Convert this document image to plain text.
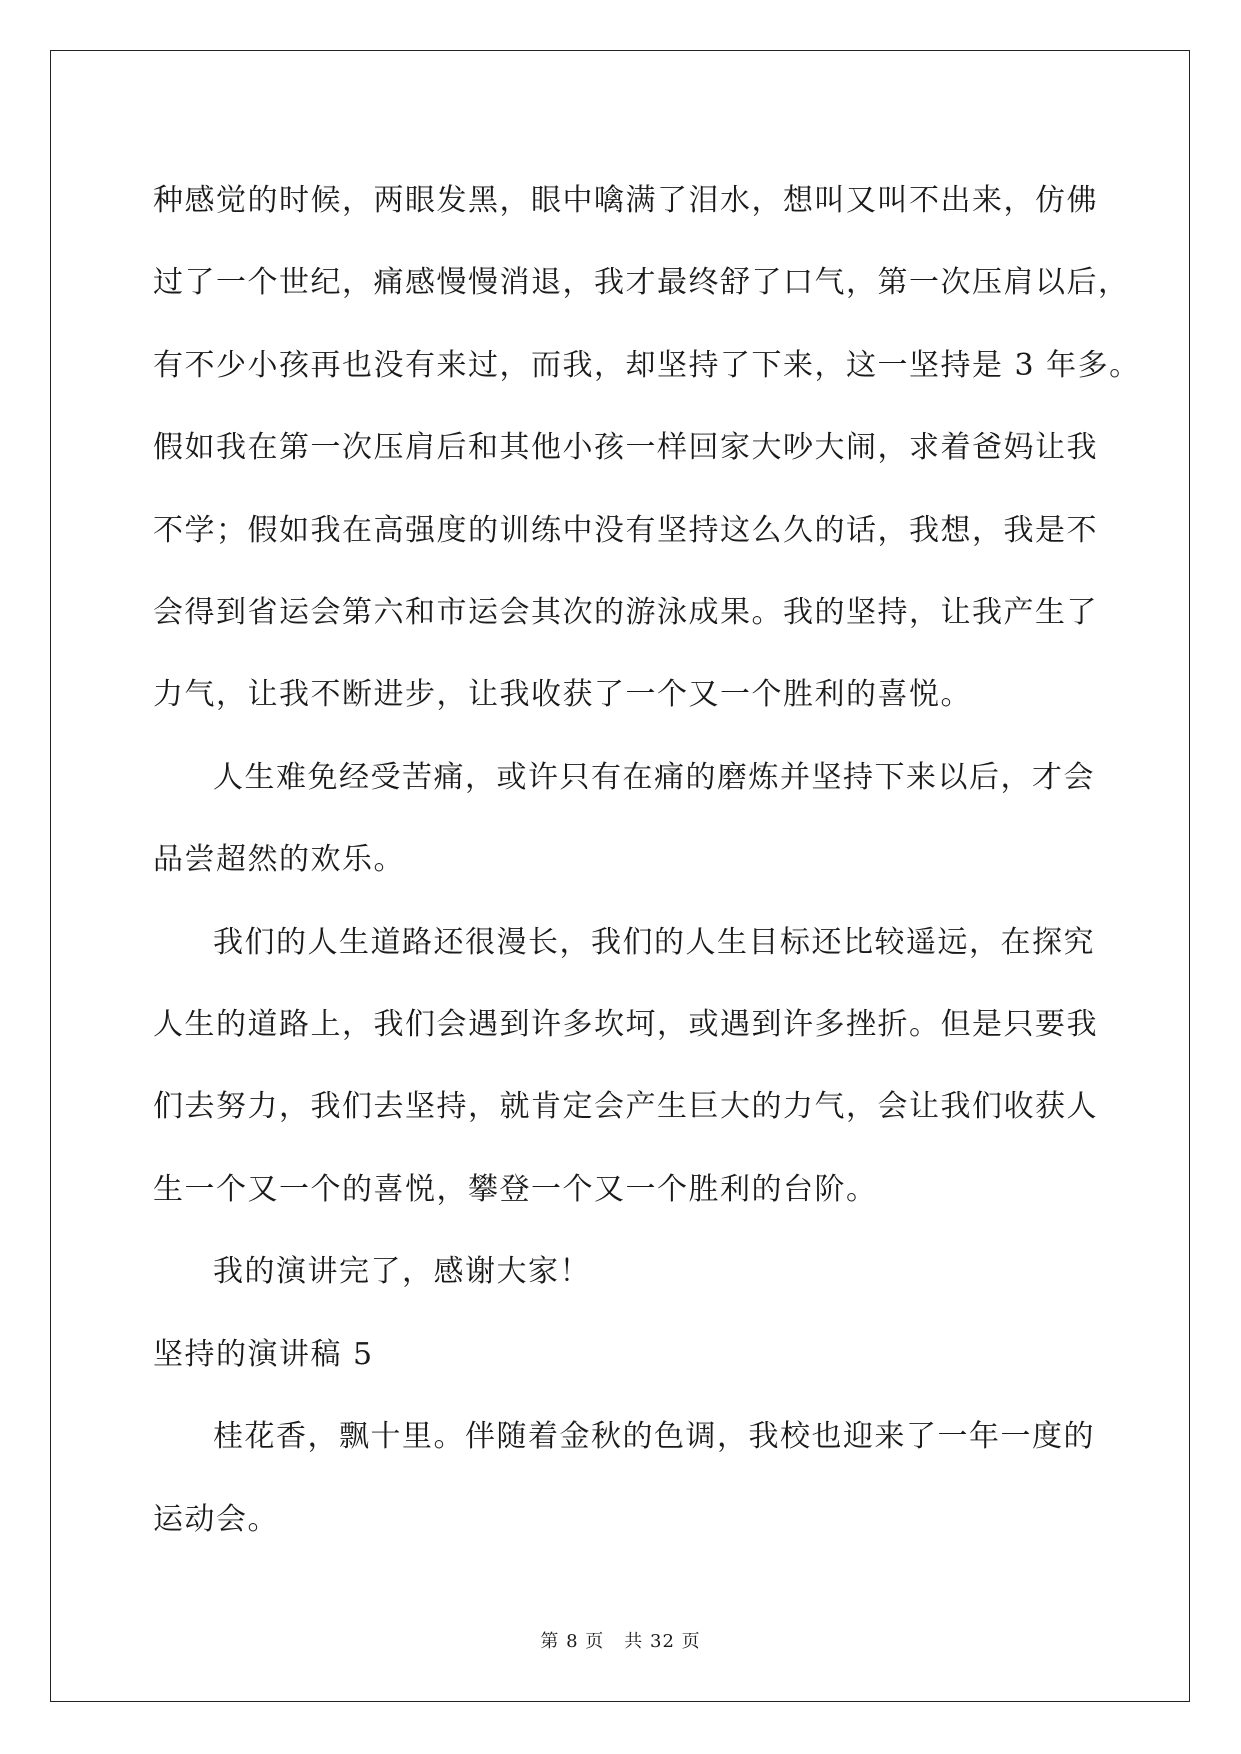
种感觉的时候，两眼发黑，眼中噙满了泪水，想叫又叫不出来，仿佛
过了一个世纪，痛感慢慢消退，我才最终舒了口气，第一次压肩以后，
有不少小孩再也没有来过，而我，却坚持了下来，这一坚持是 3 年多。
假如我在第一次压肩后和其他小孩一样回家大吵大闹，求着爸妈让我
不学；假如我在高强度的训练中没有坚持这么久的话，我想，我是不
会得到省运会第六和市运会其次的游泳成果。我的坚持，让我产生了
力气，让我不断进步，让我收获了一个又一个胜利的喜悦。

人生难免经受苦痛，或许只有在痛的磨炼并坚持下来以后，才会
品尝超然的欢乐。

我们的人生道路还很漫长，我们的人生目标还比较遥远，在探究
人生的道路上，我们会遇到许多坎坷，或遇到许多挫折。但是只要我
们去努力，我们去坚持，就肯定会产生巨大的力气，会让我们收获人
生一个又一个的喜悦，攀登一个又一个胜利的台阶。

我的演讲完了，感谢大家！

坚持的演讲稿 5

桂花香，飘十里。伴随着金秋的色调，我校也迎来了一年一度的
运动会。

第 8 页 共 32 页
